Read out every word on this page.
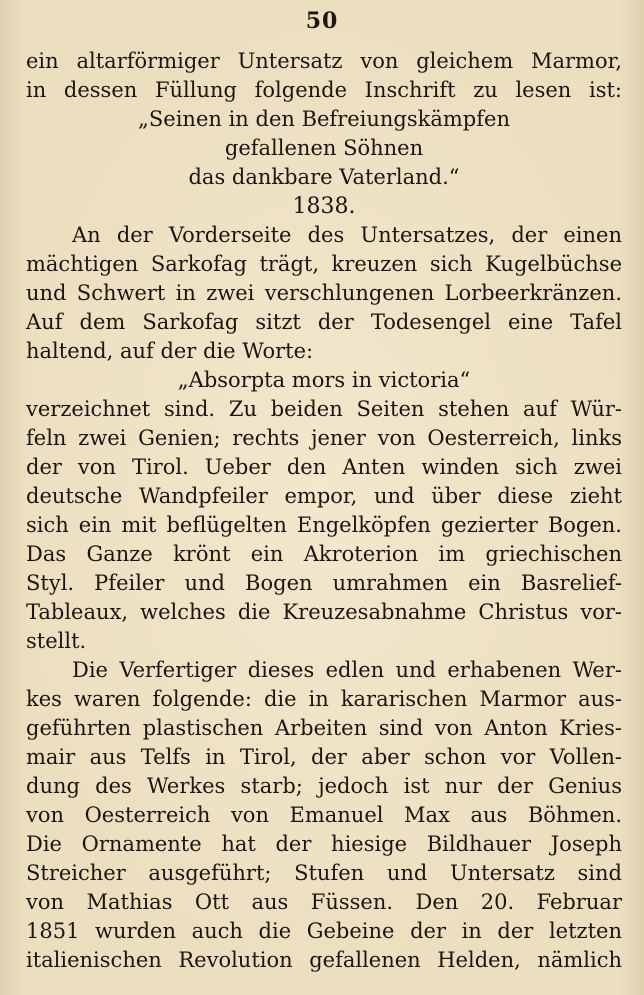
50
ein altarförmiger Untersatz von gleichem Marmor,
in dessen Füllung folgende Inschrift zu lesen ist:
„Seinen in den Befreiungskämpfen
gefallenen Söhnen
das dankbare Vaterland.“
1838.
An der Vorderseite des Untersatzes, der einen
mächtigen Sarkofag trägt, kreuzen sich Kugelbüchse
und Schwert in zwei verschlungenen Lorbeerkränzen.
Auf dem Sarkofag sitzt der Todesengel eine Tafel
haltend, auf der die Worte:
„Absorpta mors in victoria“
verzeichnet sind. Zu beiden Seiten stehen auf Wür-
feln zwei Genien; rechts jener von Oesterreich, links
der von Tirol. Ueber den Anten winden sich zwei
deutsche Wandpfeiler empor, und über diese zieht
sich ein mit beflügelten Engelköpfen gezierter Bogen.
Das Ganze krönt ein Akroterion im griechischen
Styl. Pfeiler und Bogen umrahmen ein Basrelief-
Tableaux, welches die Kreuzesabnahme Christus vor-
stellt.
Die Verfertiger dieses edlen und erhabenen Wer-
kes waren folgende: die in kararischen Marmor aus-
geführten plastischen Arbeiten sind von Anton Kries-
mair aus Telfs in Tirol, der aber schon vor Vollen-
dung des Werkes starb; jedoch ist nur der Genius
von Oesterreich von Emanuel Max aus Böhmen.
Die Ornamente hat der hiesige Bildhauer Joseph
Streicher ausgeführt; Stufen und Untersatz sind
von Mathias Ott aus Füssen. Den 20. Februar
1851 wurden auch die Gebeine der in der letzten
italienischen Revolution gefallenen Helden, nämlich
